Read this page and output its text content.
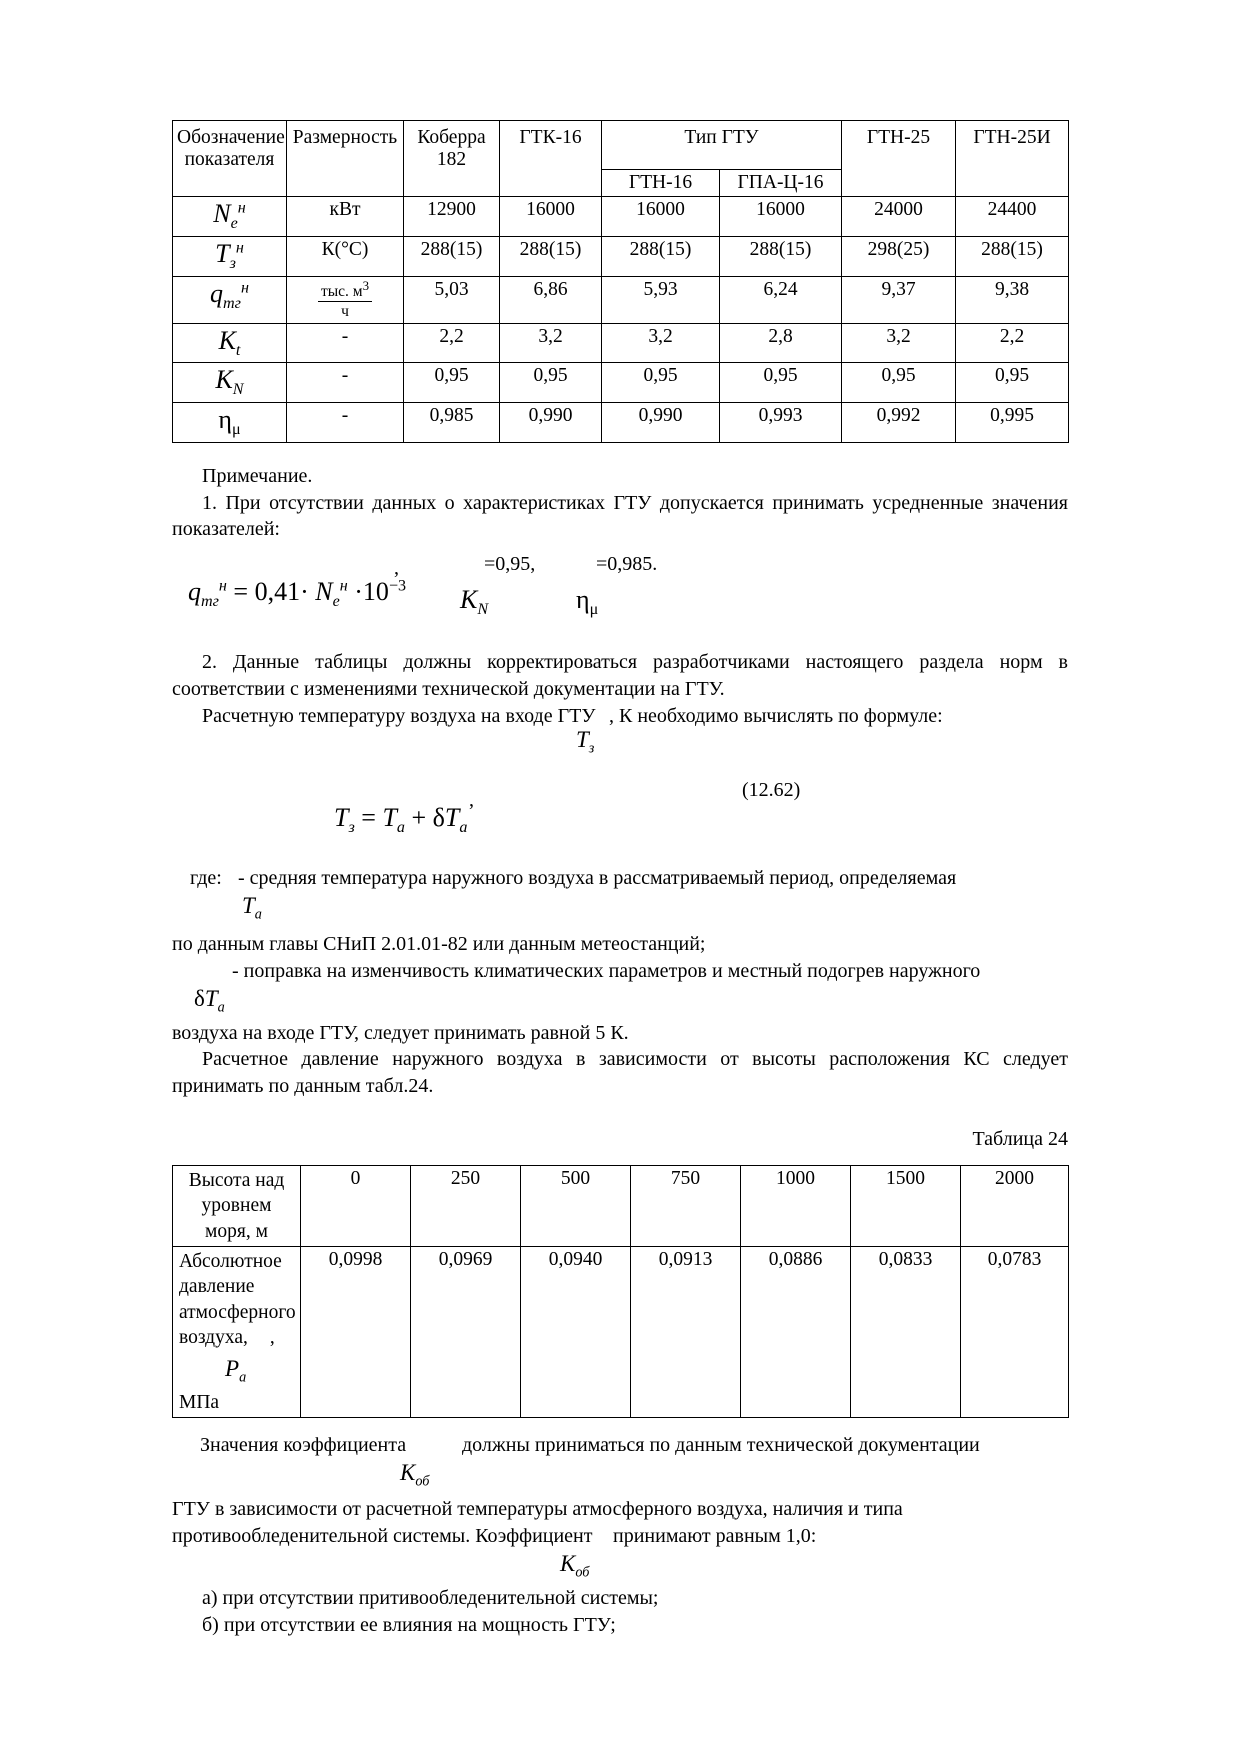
Обозначение показателя	Размерность	Коберра 182	ГТК-16	Тип ГТУ		ГТН-25	ГТН-25И
				ГТН-16	ГПА-Ц-16		
$N_e^н$	кВт	12900	16000	16000	16000	24000	24400
$T_з^н$	К(°С)	288(15)	288(15)	288(15)	288(15)	298(25)	288(15)
$q_{тг}^н$	$\frac{тыс. м^3}{ч}$	5,03	6,86	5,93	6,24	9,37	9,38
$K_t$	-	2,2	3,2	3,2	2,8	3,2	2,2
$K_N$	-	0,95	0,95	0,95	0,95	0,95	0,95
$\eta_\mu$	-	0,985	0,990	0,990	0,993	0,992	0,995

Примечание.

1. При отсутствии данных о характеристиках ГТУ допускается принимать усредненные значения показателей:

,	=0,95,	=0,985.
$q_{тг}^н = 0,41\cdot N_e^н \cdot 10^{-3}$ $K_N$	$\eta_\mu$

2. Данные таблицы должны корректироваться разработчиками настоящего раздела норм в соответствии с изменениями технической документации на ГТУ.

Расчетную температуру воздуха на входе ГТУ , К необходимо вычислять по формуле:
$T_з$
(12.62)
,
$T_з = T_a + \delta T_a$
где: - средняя температура наружного воздуха в рассматриваемый период, определяемая
$T_a$

по данным главы СНиП 2.01.01-82 или данным метеостанций;

- поправка на изменчивость климатических параметров и местный подогрев наружного
$\delta T_a$

воздуха на входе ГТУ, следует принимать равной 5 К.

Расчетное давление наружного воздуха в зависимости от высоты расположения КС следует принимать по данным табл.24.

Таблица 24

Высота над уровнем моря, м	0	250	500	750	1000	1500	2000
Абсолютное давление атмосферного воздуха, ,
$P_a$
МПа	0,0998	0,0969	0,0940	0,0913	0,0886	0,0833	0,0783
Значения коэффициента	должны приниматься по данным технической документации
$K_{об}$

ГТУ в зависимости от расчетной температуры атмосферного воздуха, наличия и типа

противообледенительной системы. Коэффициент принимают равным 1,0:
$K_{об}$

а) при отсутствии притивообледенительной системы;

б) при отсутствии ее влияния на мощность ГТУ;
